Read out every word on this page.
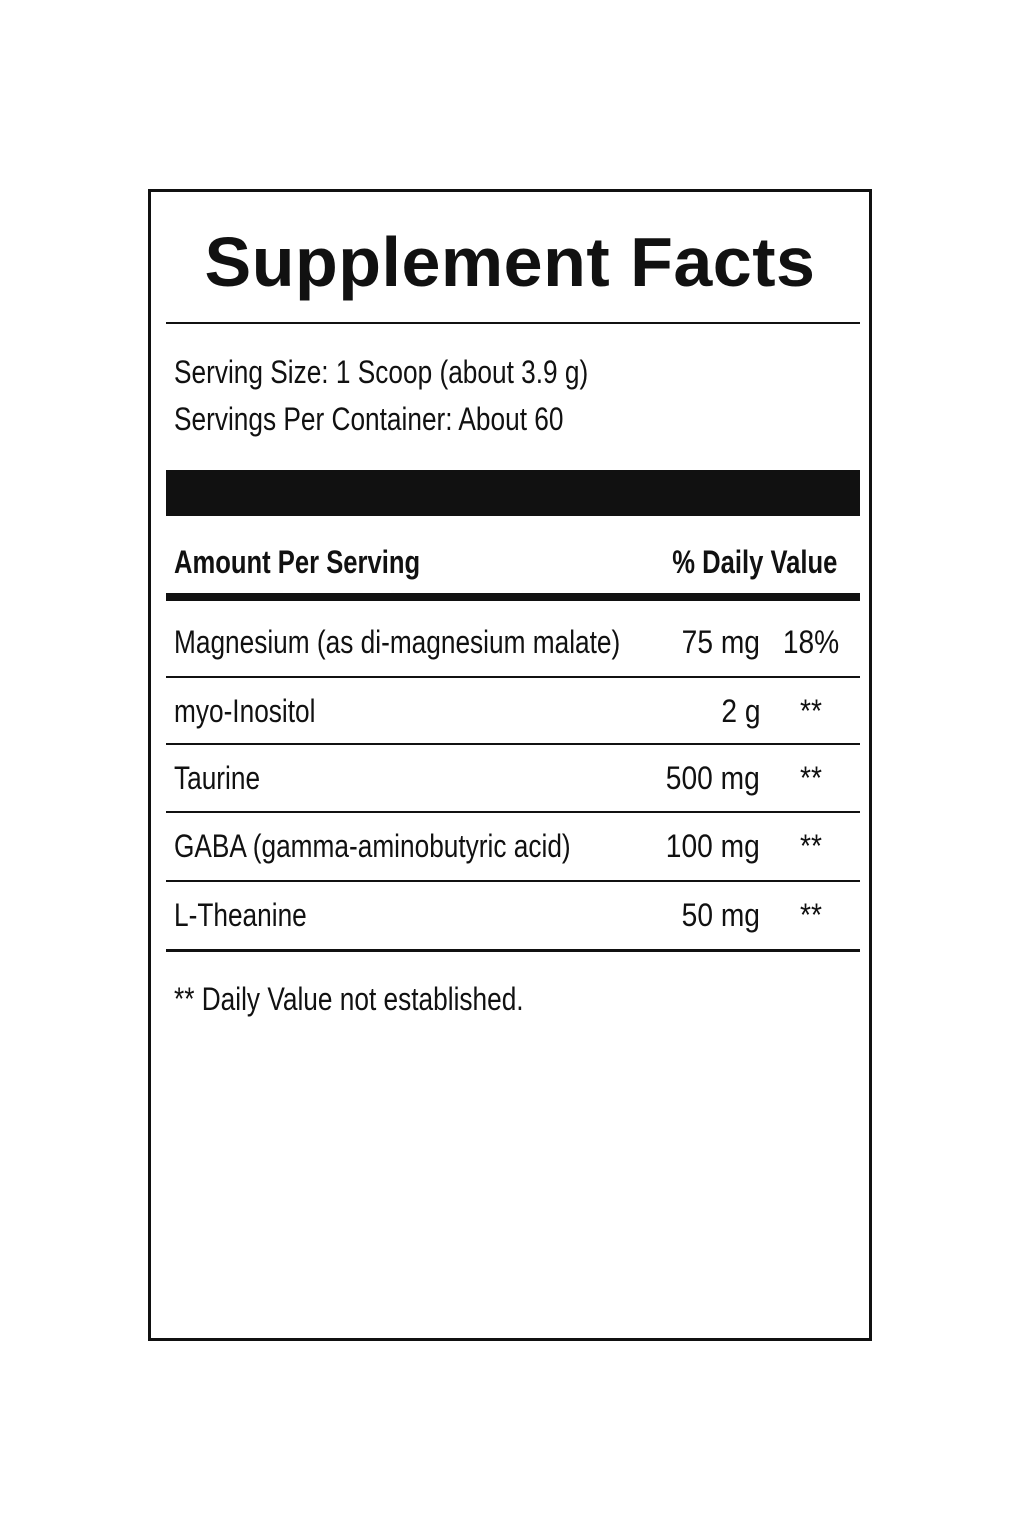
Supplement Facts
Serving Size: 1 Scoop (about 3.9 g)
Servings Per Container: About 60
Amount Per Serving	% Daily Value
Magnesium (as di-magnesium malate) 75 mg 18%
myo-Inositol	2 g	**
Taurine	500 mg	**
GABA (gamma-aminobutyric acid)	100 mg	**
L-Theanine	50 mg	**
** Daily Value not established.
